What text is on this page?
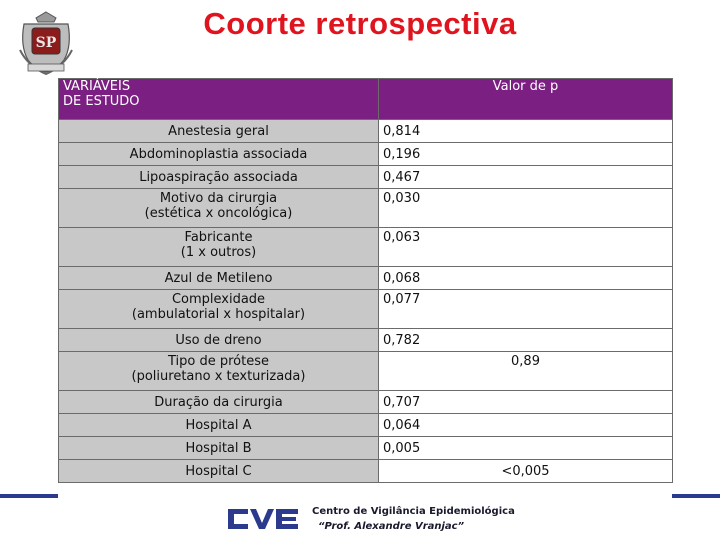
SP
Coorte retrospectiva
VARIÁVEIS
DE ESTUDO	Valor de p
Anestesia geral	0,814
Abdominoplastia associada	0,196
Lipoaspiração associada	0,467
Motivo da cirurgia
(estética x oncológica)	0,030
Fabricante
(1 x outros)	0,063
Azul de Metileno	0,068
Complexidade
(ambulatorial x hospitalar)	0,077
Uso de dreno	0,782
Tipo de prótese
(poliuretano x texturizada)	0,89
Duração da cirurgia	0,707
Hospital A	0,064
Hospital B	0,005
Hospital C	<0,005
Centro de Vigilância Epidemiológica
“Prof. Alexandre Vranjac”
